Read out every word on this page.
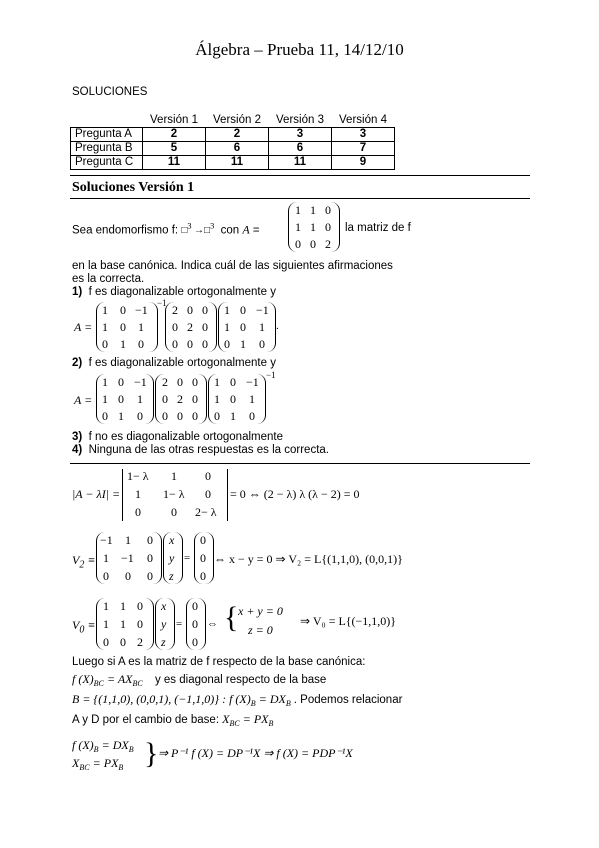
Álgebra – Prueba 11, 14/12/10
SOLUCIONES
	Versión 1	Versión 2	Versión 3	Versión 4
Pregunta A	2	2	3	3
Pregunta B	5	6	6	7
Pregunta C	11	11	11	9
Soluciones Versión 1
Sea endomorfismo f: □$^3$ →□$^3$ con A =
1 1 0
1 1 0
0 0 2
la matriz de f
en la base canónica. Indica cuál de las siguientes afirmaciones
es la correcta.
1) f es diagonalizable ortogonalmente y
A =
1 0 −1
1 0 1
0 1 0
−1 2 0 0
0 2 0
0 0 0
1 0 −1
1 0 1
0 1 0
.
2) f es diagonalizable ortogonalmente y
A =
1 0 −1
1 0 1
0 1 0
2 0 0
0 2 0
0 0 0
1 0 −1
1 0 1
0 1 0
−1
3) f no es diagonalizable ortogonalmente
4) Ninguna de las otras respuestas es la correcta.
|A − λI| =
1− λ 1 0
1 1− λ 0
0	0 2− λ
= 0 ⇔ (2 − λ) λ (λ − 2) = 0
$V_2$ ≡
−1 1 0
1 −1 0
0 0 0
x
y
z
=
0
0
0
⇔ x − y = 0 ⇒ V₂ = L{(1,1,0), (0,0,1)}
$V_0$ ≡
1 1 0
1 1 0
0 0 2
x
y
z
=
0
0
0
⇔ { x + y = 0
z = 0
⇒ V₀ = L{(−1,1,0)}
Luego si A es la matriz de f respecto de la base canónica:
f $(X)_{BC} = AX_{BC}$ y es diagonal respecto de la base
B = {(1,1,0), (0,0,1), (−1,1,0)} : f $(X)_B = DX_B$ . Podemos relacionar
A y D por el cambio de base: $X_{BC} = PX_B$
f $(X)_B = DX_B$
$X_{BC} = PX_B$ } ⇒ P⁻¹ f (X) = DP⁻¹X ⇒ f (X) = PDP⁻¹X
